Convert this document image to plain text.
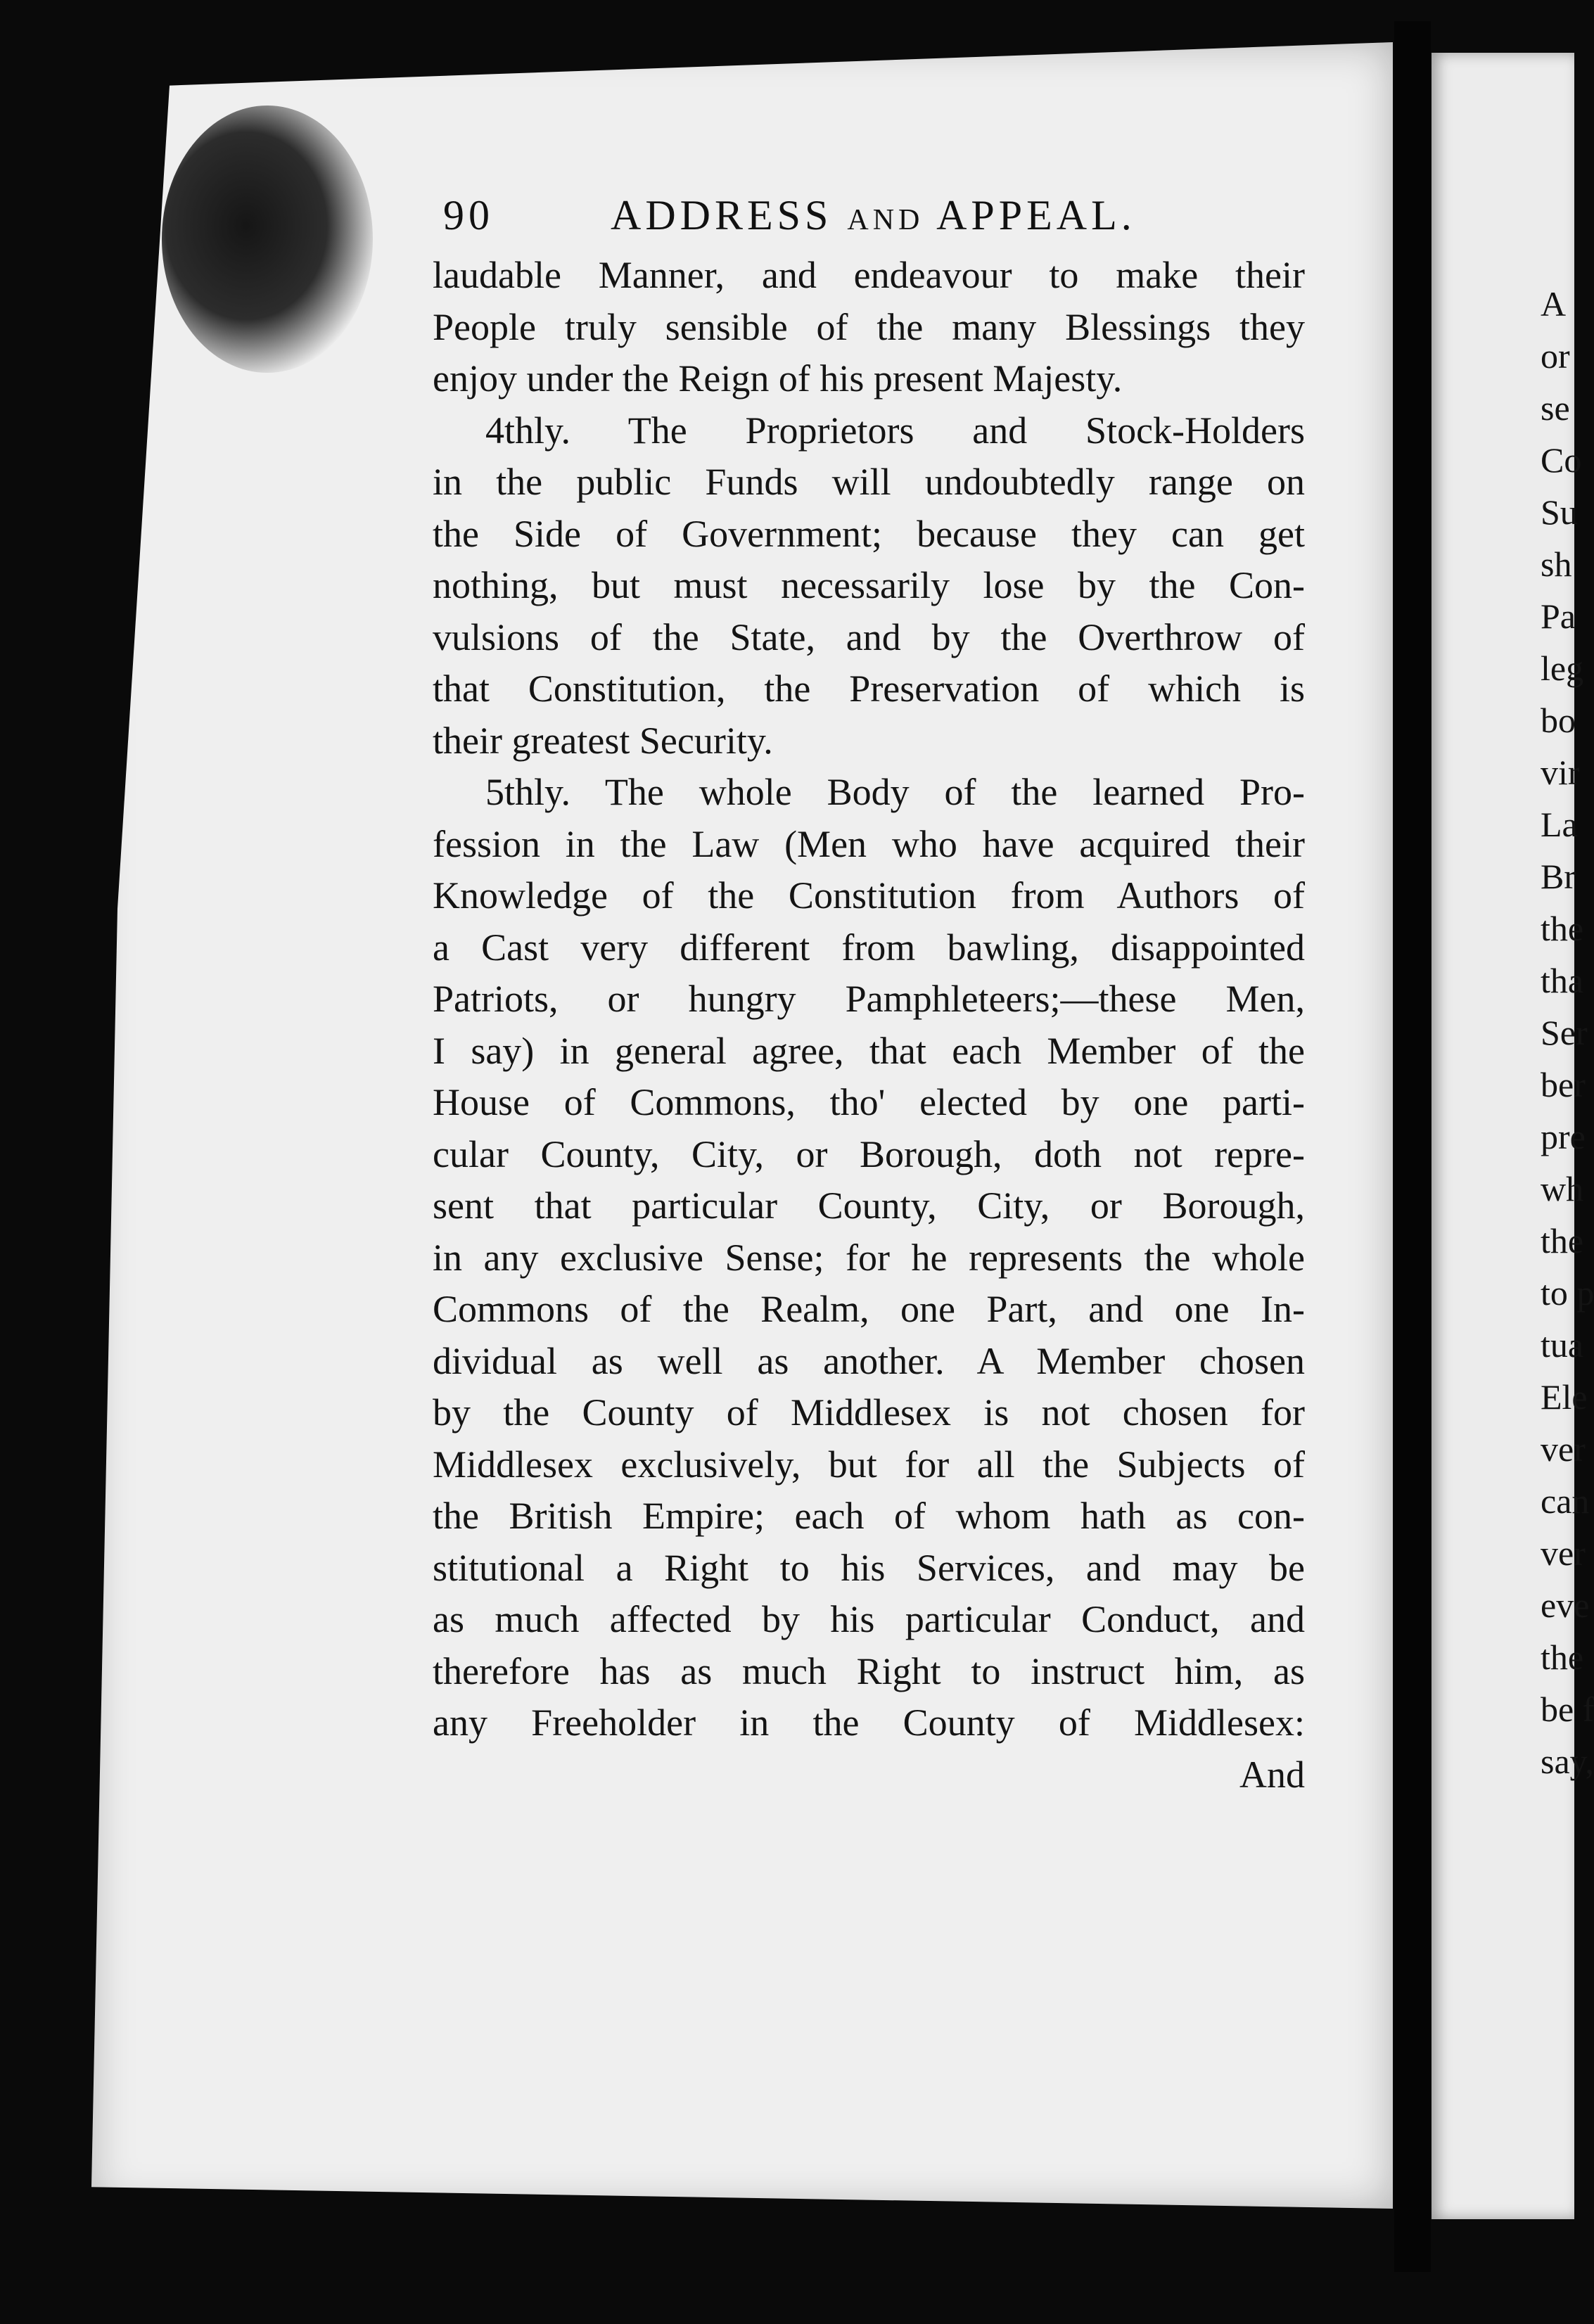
90	ADDRESS and APPEAL.
laudable Manner, and endeavour to make their
People truly sensible of the many Blessings they
enjoy under the Reign of his present Majesty.
4thly. The Proprietors and Stock-Holders
in the public Funds will undoubtedly range on
the Side of Government; because they can get
nothing, but must necessarily lose by the Con-
vulsions of the State, and by the Overthrow of
that Constitution, the Preservation of which is
their greatest Security.
5thly. The whole Body of the learned Pro-
fession in the Law (Men who have acquired their
Knowledge of the Constitution from Authors of
a Cast very different from bawling, disappointed
Patriots, or hungry Pamphleteers;—these Men,
I say) in general agree, that each Member of the
House of Commons, tho' elected by one parti-
cular County, City, or Borough, doth not repre-
sent that particular County, City, or Borough,
in any exclusive Sense; for he represents the whole
Commons of the Realm, one Part, and one In-
dividual as well as another. A Member chosen
by the County of Middlesex is not chosen for
Middlesex exclusively, but for all the Subjects of
the British Empire; each of whom hath as con-
stitutional a Right to his Services, and may be
as much affected by his particular Conduct, and
therefore has as much Right to instruct him, as
any Freeholder in the County of Middlesex:
And
A
or
se
Co
Su
sh
Pa
leg
bo
vir
La
Br
the
tha
Ser
ber
pre
wh
the
to p
tua
Ele
ver
can
ver
eve
the
be f
say,
